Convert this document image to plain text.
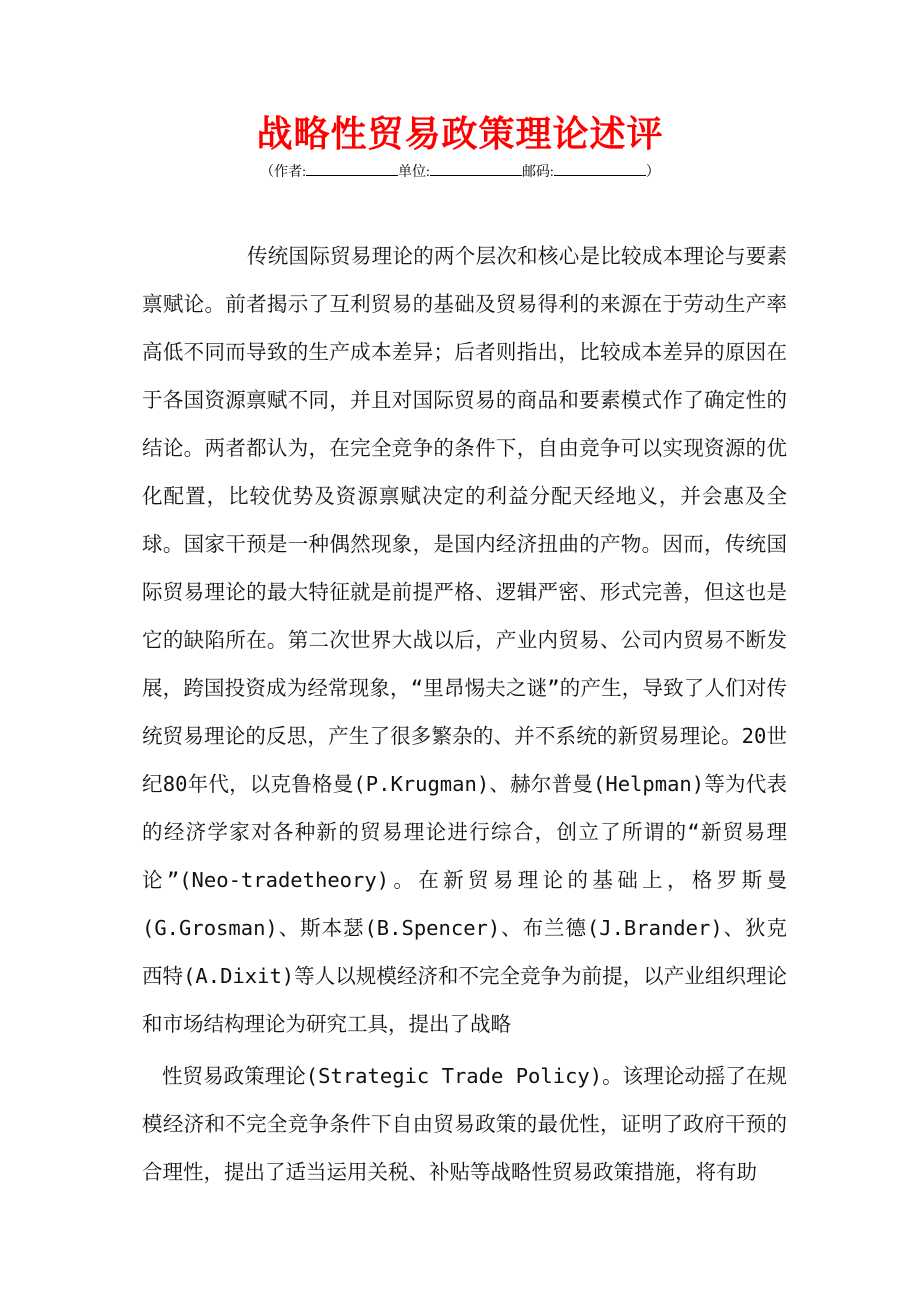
战略性贸易政策理论述评
（作者:	单位:	邮码:	）
传统国际贸易理论的两个层次和核心是比较成本理论与要素禀赋论。前者揭示了互利贸易的基础及贸易得利的来源在于劳动生产率高低不同而导致的生产成本差异；后者则指出，比较成本差异的原因在于各国资源禀赋不同，并且对国际贸易的商品和要素模式作了确定性的结论。两者都认为，在完全竞争的条件下，自由竞争可以实现资源的优化配置，比较优势及资源禀赋决定的利益分配天经地义，并会惠及全球。国家干预是一种偶然现象，是国内经济扭曲的产物。因而，传统国际贸易理论的最大特征就是前提严格、逻辑严密、形式完善，但这也是它的缺陷所在。第二次世界大战以后，产业内贸易、公司内贸易不断发展，跨国投资成为经常现象，“里昂惕夫之谜”的产生，导致了人们对传统贸易理论的反思，产生了很多繁杂的、并不系统的新贸易理论。20世纪80年代，以克鲁格曼(P.Krugman)、赫尔普曼(Helpman)等为代表的经济学家对各种新的贸易理论进行综合，创立了所谓的“新贸易理论”(Neo-tradetheory)。在新贸易理论的基础上，格罗斯曼(G.Grosman)、斯本瑟(B.Spencer)、布兰德(J.Brander)、狄克西特(A.Dixit)等人以规模经济和不完全竞争为前提，以产业组织理论和市场结构理论为研究工具，提出了战略
性贸易政策理论(Strategic Trade Policy)。该理论动摇了在规模经济和不完全竞争条件下自由贸易政策的最优性，证明了政府干预的合理性，提出了适当运用关税、补贴等战略性贸易政策措施，将有助
